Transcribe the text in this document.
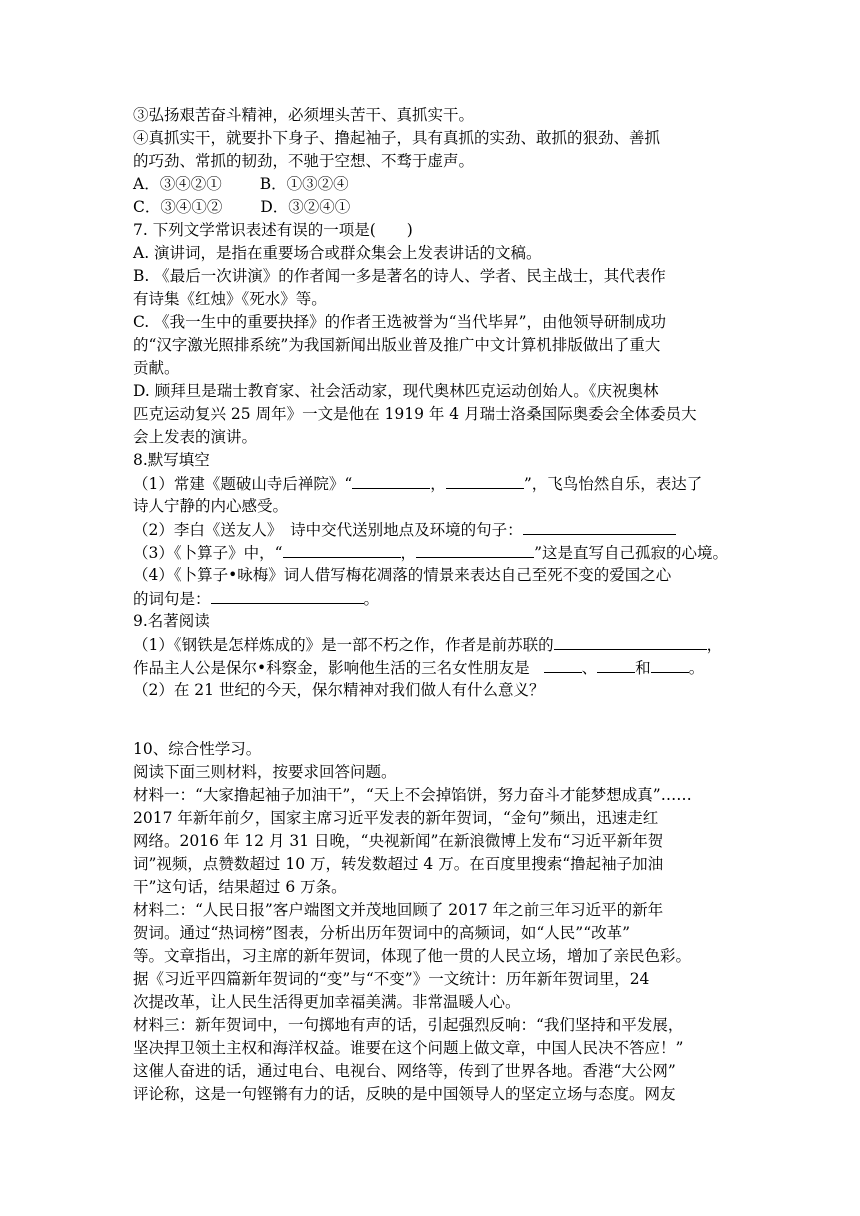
③弘扬艰苦奋斗精神，必须埋头苦干、真抓实干。
④真抓实干，就要扑下身子、撸起袖子，具有真抓的实劲、敢抓的狠劲、善抓
的巧劲、常抓的韧劲，不驰于空想、不骛于虚声。
A．③④②① B．①③②④
C．③④①② D．③②④①
7. 下列文学常识表述有误的一项是(　　)
A. 演讲词，是指在重要场合或群众集会上发表讲话的文稿。
B. 《最后一次讲演》的作者闻一多是著名的诗人、学者、民主战士，其代表作
有诗集《红烛》《死水》等。
C. 《我一生中的重要抉择》的作者王选被誉为“当代毕昇”，由他领导研制成功
的“汉字激光照排系统”为我国新闻出版业普及推广中文计算机排版做出了重大
贡献。
D. 顾拜旦是瑞士教育家、社会活动家，现代奥林匹克运动创始人。《庆祝奥林
匹克运动复兴 25 周年》一文是他在 1919 年 4 月瑞士洛桑国际奥委会全体委员大
会上发表的演讲。
8.默写填空
（1）常建《题破山寺后禅院》“	，	”，飞鸟怡然自乐，表达了
诗人宁静的内心感受。
（2）李白《送友人》　诗中交代送别地点及环境的句子：
（3）《卜算子》中，“	，	”这是直写自己孤寂的心境。
（4）《卜算子•咏梅》词人借写梅花凋落的情景来表达自己至死不变的爱国之心
的词句是：	。
9.名著阅读
（1）《钢铁是怎样炼成的》是一部不朽之作，作者是前苏联的	，
作品主人公是保尔•科察金，影响他生活的三名女性朋友是	、 和 。
（2）在 21 世纪的今天，保尔精神对我们做人有什么意义？
10、综合性学习。
阅读下面三则材料，按要求回答问题。
材料一：“大家撸起袖子加油干”，“天上不会掉馅饼，努力奋斗才能梦想成真”……
2017 年新年前夕，国家主席习近平发表的新年贺词，“金句”频出，迅速走红
网络。2016 年 12 月 31 日晚，“央视新闻”在新浪微博上发布“习近平新年贺
词”视频，点赞数超过 10 万，转发数超过 4 万。在百度里搜索“撸起袖子加油
干”这句话，结果超过 6 万条。
材料二：“人民日报”客户端图文并茂地回顾了 2017 年之前三年习近平的新年
贺词。通过“热词榜”图表，分析出历年贺词中的高频词，如“人民”“改革”
等。文章指出，习主席的新年贺词，体现了他一贯的人民立场，增加了亲民色彩。
据《习近平四篇新年贺词的“变”与“不变”》一文统计：历年新年贺词里，24
次提改革，让人民生活得更加幸福美满。非常温暖人心。
材料三：新年贺词中，一句掷地有声的话，引起强烈反响：“我们坚持和平发展，
坚决捍卫领土主权和海洋权益。谁要在这个问题上做文章，中国人民决不答应！”
这催人奋进的话，通过电台、电视台、网络等，传到了世界各地。香港“大公网”
评论称，这是一句铿锵有力的话，反映的是中国领导人的坚定立场与态度。网友
